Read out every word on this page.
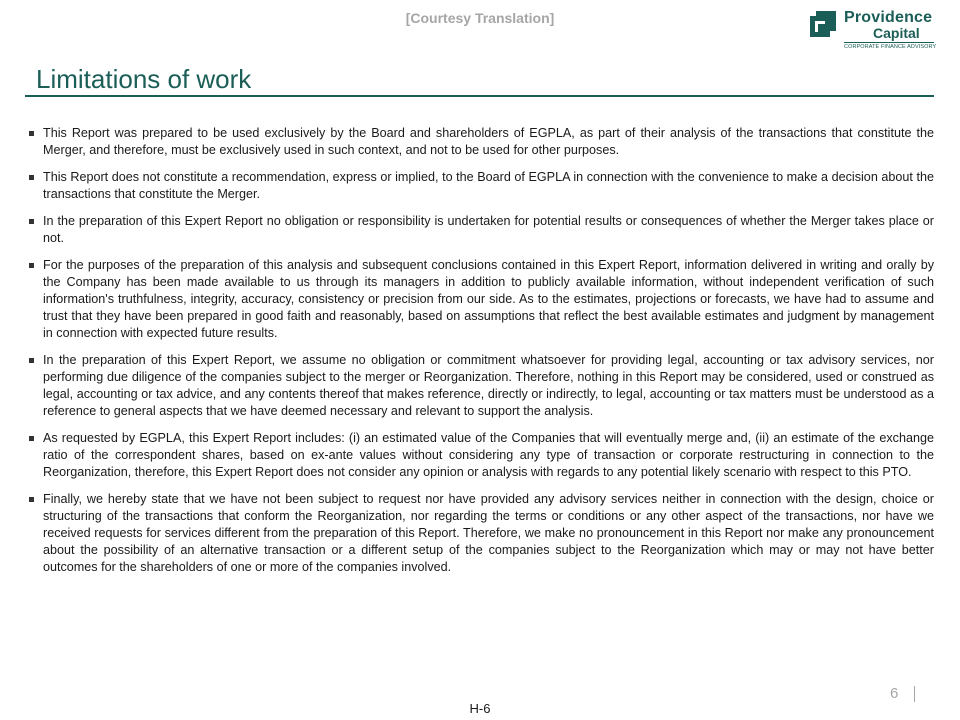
[Courtesy Translation]	Providence
Capital
CORPORATE FINANCE ADVISORY
Limitations of work
This Report was prepared to be used exclusively by the Board and shareholders of EGPLA, as part of their analysis of the transactions that constitute the Merger, and therefore, must be exclusively used in such context, and not to be used for other purposes.
This Report does not constitute a recommendation, express or implied, to the Board of EGPLA in connection with the convenience to make a decision about the transactions that constitute the Merger.
In the preparation of this Expert Report no obligation or responsibility is undertaken for potential results or consequences of whether the Merger takes place or not.
For the purposes of the preparation of this analysis and subsequent conclusions contained in this Expert Report, information delivered in writing and orally by the Company has been made available to us through its managers in addition to publicly available information, without independent verification of such information's truthfulness, integrity, accuracy, consistency or precision from our side. As to the estimates, projections or forecasts, we have had to assume and trust that they have been prepared in good faith and reasonably, based on assumptions that reflect the best available estimates and judgment by management in connection with expected future results.
In the preparation of this Expert Report, we assume no obligation or commitment whatsoever for providing legal, accounting or tax advisory services, nor performing due diligence of the companies subject to the merger or Reorganization. Therefore, nothing in this Report may be considered, used or construed as legal, accounting or tax advice, and any contents thereof that makes reference, directly or indirectly, to legal, accounting or tax matters must be understood as a reference to general aspects that we have deemed necessary and relevant to support the analysis.
As requested by EGPLA, this Expert Report includes: (i) an estimated value of the Companies that will eventually merge and, (ii) an estimate of the exchange ratio of the correspondent shares, based on ex-ante values without considering any type of transaction or corporate restructuring in connection to the Reorganization, therefore, this Expert Report does not consider any opinion or analysis with regards to any potential likely scenario with respect to this PTO.
Finally, we hereby state that we have not been subject to request nor have provided any advisory services neither in connection with the design, choice or structuring of the transactions that conform the Reorganization, nor regarding the terms or conditions or any other aspect of the transactions, nor have we received requests for services different from the preparation of this Report. Therefore, we make no pronouncement in this Report nor make any pronouncement about the possibility of an alternative transaction or a different setup of the companies subject to the Reorganization which may or may not have better outcomes for the shareholders of one or more of the companies involved.
6
H-6
